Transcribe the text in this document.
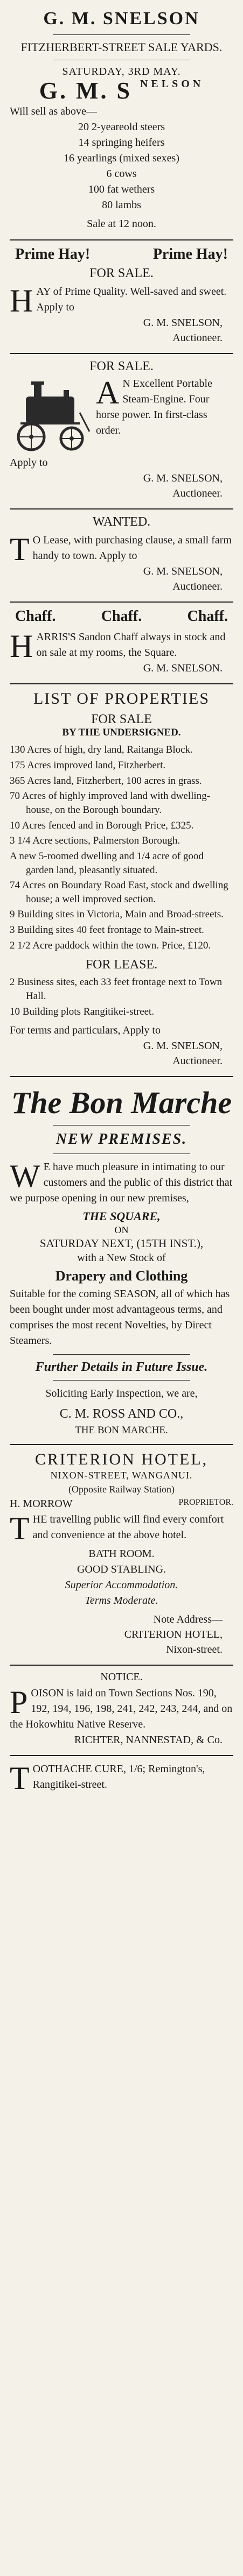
G. M. SNELSON
FITZHERBERT-STREET SALE YARDS.
SATURDAY, 3RD MAY.
G. M. S $^{NELSON}$
Will sell as above—
20 2-yeareold steers
14 springing heifers
16 yearlings (mixed sexes)
6 cows
100 fat wethers
80 lambs
Sale at 12 noon.
Prime Hay!	Prime Hay!
FOR SALE.
H AY of Prime Quality. Well-saved and sweet. Apply to
G. M. SNELSON,
Auctioneer.
FOR SALE.
A N Excellent Portable Steam-Engine. Four horse power. In first-class order.
Apply to
G. M. SNELSON,
Auctioneer.
WANTED.
T O Lease, with purchasing clause, a small farm handy to town. Apply to
G. M. SNELSON,
Auctioneer.
Chaff.	Chaff.	Chaff.
H ARRIS'S Sandon Chaff always in stock and on sale at my rooms, the Square.
G. M. SNELSON.
LIST OF PROPERTIES
FOR SALE
BY THE UNDERSIGNED.
130 Acres of high, dry land, Raitanga Block.
175 Acres improved land, Fitzherbert.
365 Acres land, Fitzherbert, 100 acres in grass.
70 Acres of highly improved land with dwelling-house, on the Borough boundary.
10 Acres fenced and in Borough Price, £325.
3 1/4 Acre sections, Palmerston Borough.
A new 5-roomed dwelling and 1/4 acre of good garden land, pleasantly situated.
74 Acres on Boundary Road East, stock and dwelling house; a well improved section.
9 Building sites in Victoria, Main and Broad-streets.
3 Building sites 40 feet frontage to Main-street.
2 1/2 Acre paddock within the town. Price, £120.
FOR LEASE.
2 Business sites, each 33 feet frontage next to Town Hall.
10 Building plots Rangitikei-street.
For terms and particulars, Apply to
G. M. SNELSON,
Auctioneer.
The Bon Marche
NEW PREMISES.
W E have much pleasure in intimating to our customers and the public of this district that we purpose opening in our new premises,
THE SQUARE,
ON
SATURDAY NEXT, (15TH INST.),
with a New Stock of
Drapery and Clothing
Suitable for the coming SEASON, all of which has been bought under most advantageous terms, and comprises the most recent Novelties, by Direct Steamers.
Further Details in Future Issue.
Soliciting Early Inspection, we are,
C. M. ROSS AND CO.,
THE BON MARCHE.
CRITERION HOTEL,
NIXON-STREET, WANGANUI.
(Opposite Railway Station)
H. MORROW	PROPRIETOR.
T HE travelling public will find every comfort and convenience at the above hotel.
BATH ROOM.
GOOD STABLING.
Superior Accommodation.
Terms Moderate.
Note Address—
CRITERION HOTEL,
Nixon-street.
NOTICE.
P OISON is laid on Town Sections Nos. 190, 192, 194, 196, 198, 241, 242, 243, 244, and on the Hokowhitu Native Reserve.
RICHTER, NANNESTAD, & Co.
T OOTHACHE CURE, 1/6; Remington's, Rangitikei-street.
